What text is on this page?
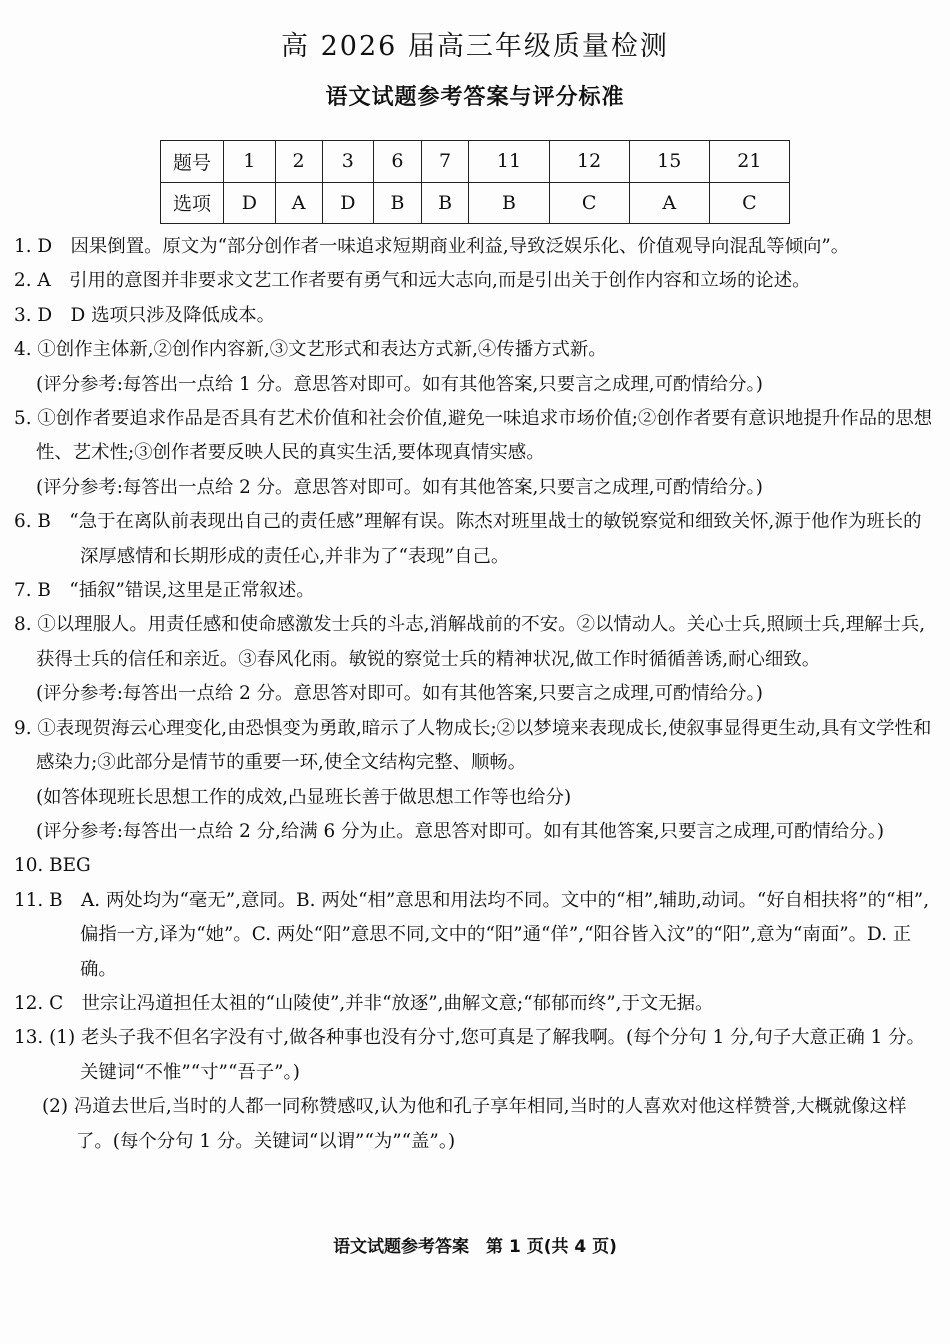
高 2026 届高三年级质量检测
语文试题参考答案与评分标准
题号	1	2	3	6	7	11	12	15	21
选项	D	A	D	B	B	B	C	A	C

1. D　因果倒置。原文为“部分创作者一味追求短期商业利益,导致泛娱乐化、价值观导向混乱等倾向”。

2. A　引用的意图并非要求文艺工作者要有勇气和远大志向,而是引出关于创作内容和立场的论述。

3. D　D 选项只涉及降低成本。

4. ①创作主体新,②创作内容新,③文艺形式和表达方式新,④传播方式新。

(评分参考:每答出一点给 1 分。意思答对即可。如有其他答案,只要言之成理,可酌情给分。)

5. ①创作者要追求作品是否具有艺术价值和社会价值,避免一味追求市场价值;②创作者要有意识地提升作品的思想性、艺术性;③创作者要反映人民的真实生活,要体现真情实感。

(评分参考:每答出一点给 2 分。意思答对即可。如有其他答案,只要言之成理,可酌情给分。)

6. B　“急于在离队前表现出自己的责任感”理解有误。陈杰对班里战士的敏锐察觉和细致关怀,源于他作为班长的深厚感情和长期形成的责任心,并非为了“表现”自己。

7. B　“插叙”错误,这里是正常叙述。

8. ①以理服人。用责任感和使命感激发士兵的斗志,消解战前的不安。②以情动人。关心士兵,照顾士兵,理解士兵,获得士兵的信任和亲近。③春风化雨。敏锐的察觉士兵的精神状况,做工作时循循善诱,耐心细致。

(评分参考:每答出一点给 2 分。意思答对即可。如有其他答案,只要言之成理,可酌情给分。)

9. ①表现贺海云心理变化,由恐惧变为勇敢,暗示了人物成长;②以梦境来表现成长,使叙事显得更生动,具有文学性和感染力;③此部分是情节的重要一环,使全文结构完整、顺畅。

(如答体现班长思想工作的成效,凸显班长善于做思想工作等也给分)

(评分参考:每答出一点给 2 分,给满 6 分为止。意思答对即可。如有其他答案,只要言之成理,可酌情给分。)

10. BEG

11. B　A. 两处均为“毫无”,意同。B. 两处“相”意思和用法均不同。文中的“相”,辅助,动词。“好自相扶将”的“相”,偏指一方,译为“她”。C. 两处“阳”意思不同,文中的“阳”通“佯”,“阳谷皆入汶”的“阳”,意为“南面”。D. 正确。

12. C　世宗让冯道担任太祖的“山陵使”,并非“放逐”,曲解文意;“郁郁而终”,于文无据。

13. (1) 老头子我不但名字没有寸,做各种事也没有分寸,您可真是了解我啊。(每个分句 1 分,句子大意正确 1 分。关键词“不惟”“寸”“吾子”。)

(2) 冯道去世后,当时的人都一同称赞感叹,认为他和孔子享年相同,当时的人喜欢对他这样赞誉,大概就像这样了。(每个分句 1 分。关键词“以谓”“为”“盖”。)

语文试题参考答案　第 1 页(共 4 页)
